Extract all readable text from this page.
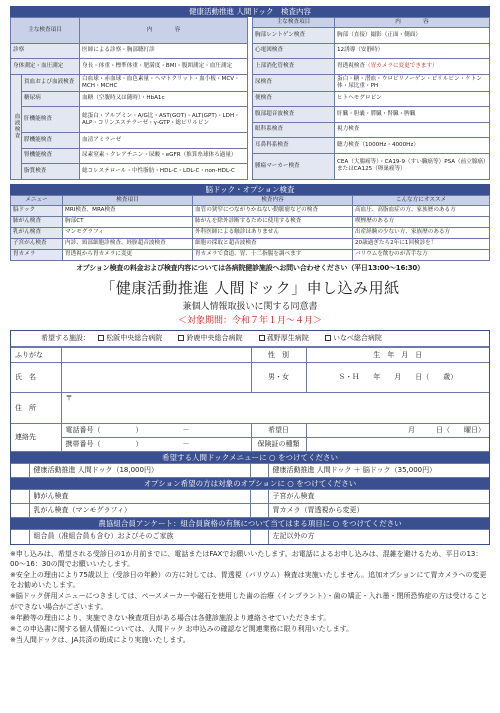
健康活動推進 人間ドック　検査内容
主な検査項目		内　　　　容
診察		医師による診察・胸部聴打診
身体測定・血圧測定		身長・体重・標準体重・肥満度・BMI・腹囲測定・血圧測定
血液検査	貧血および血液検査	白血球・赤血球・血色素量・ヘマトクリット・血小板・MCV・MCH・MCHC
	糖尿病	血糖（空腹時又は随時）・HbA1c
	肝機能検査	総蛋白・アルブミン・A/G比・AST(GOT)・ALT(GPT)・LDH・ALP・コリンエステラーゼ・γ-GTP・総ビリルビン
	膵機能検査	血清アミラーゼ
	腎機能検査	尿素窒素・クレアチニン・尿酸・eGFR（推算糸球体ろ過量）
	脂質検査	総コレステロール・中性脂肪・HDL-C・LDL-C・non-HDL-C
主な検査項目	内　　　　容
胸部レントゲン検査	胸部（直接）撮影（正面・側面）
心電図検査	12誘導（安静時）
上部消化管検査	胃透視検査（胃カメラに変更できます）
尿検査	蛋白・糖・潜血・ウロビリノーゲン・ビリルビン・ケトン体・尿比重・PH
便検査	ヒトヘモグロビン
腹部超音波検査	肝臓・胆嚢・膵臓・腎臓・脾臓
眼科系検査	視力検査
耳鼻科系検査	聴力検査（1000Hz・4000Hz）
腫瘍マーカー検査	CEA（大腸癌等）・CA19-9（すい臓癌等）PSA（前立腺癌）またはCA125（卵巣癌等）
脳ドック・オプション検査
メニュー	検査項目	検査内容	こんな方にオススメ
脳ドック	MRI検査、MRA検査	血管の狭窄につながりかねない動脈瘤などの検査	高血圧、高脂血症の方、家族歴のある方
肺がん検査	胸部CT	肺がんを除外診断するために使用する検査	喫煙歴のある方
乳がん検査	マンモグラフィ	外科医師による触診はありません	出産経験の少ない方、家族歴のある方
子宮がん検査	内診、頸部細胞診検査、経膣超音波検査	細胞の採取と超音波検査	20歳過ぎたら2年に1回検診を！
胃カメラ	胃透視から胃カメラに変更	胃カメラで食道、胃、十二指腸を調べます	バリウムを飲むのが苦手な方
オプション検査の料金および検査内容については各病院健診施設へお問い合わせください（平日13:00～16:30）
「健康活動推進 人間ドック」申し込み用紙
兼個人情報取扱いに関する同意書
＜対象期間：令和７年１月～４月＞
希望する施設： 松阪中央総合病院	鈴鹿中央総合病院	菰野厚生病院	いなべ総合病院
ふりがな		性　別	生　年　月　日
氏　名		男・女	Ｓ・Ｈ　　年　　月　　日（　　歳）
住　所	〒		
連絡先	電話番号（　　　　　） －	希望日	月　　　日（　　曜日）
	携帯番号（　　　　　） －	保険証の種類	
希望する人間ドックメニューに ○ をつけてください
	健康活動推進 人間ドック（18,000円）		健康活動推進 人間ドック ＋ 脳ドック（35,000円）
オプション希望の方は対象のオプションに ○ をつけてください
	肺がん検査		子宮がん検査
	乳がん検査（マンモグラフィ）		胃カメラ（胃透視から変更）
農協組合員アンケート：組合員資格の有無について当てはまる項目に ○ をつけてください
	組合員（准組合員も含む）およびそのご家族		左記以外の方

※申し込みは、希望される受診日の1か月前までに、電話またはFAXでお願いいたします。お電話によるお申し込みは、混雑を避けるため、平日の13：00～16：30の間でお願いいたします。

※安全上の理由により75歳以上（受診日の年齢）の方に対しては、胃透視（バリウム）検査は実施いたしません。追加オプションにて胃カメラへの変更をお勧めいたします。

※脳ドック併用メニューにつきましては、ペースメーカーや磁石を使用した歯の治療（インプラント）・歯の矯正・入れ墨・閉所恐怖症の方は受けることができない場合がございます。

※年齢等の理由により、実施できない検査項目がある場合は各健診施設より連絡させていただきます。

※この申込書に関する個人情報については、人間ドック お申込みの確認など関連業務に限り利用いたします。

※当人間ドックは、JA共済の助成により実施いたします。
